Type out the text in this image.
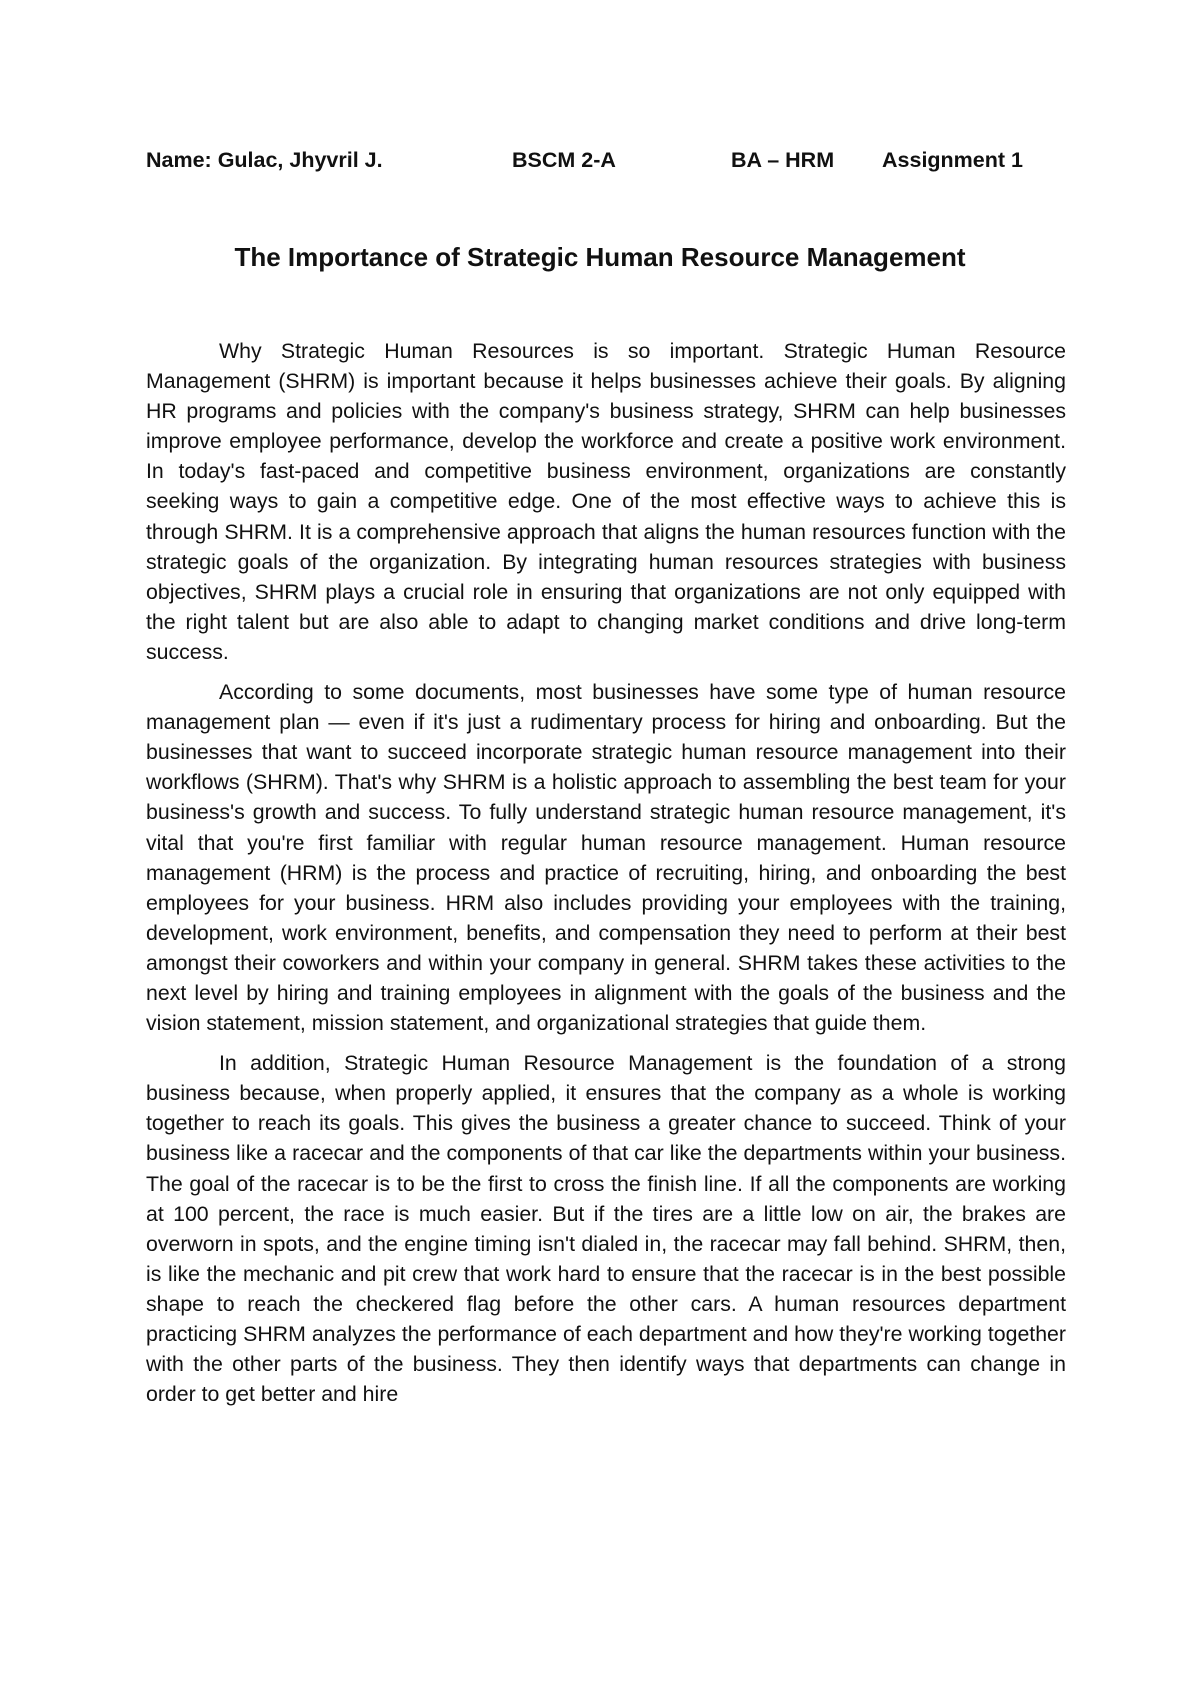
Name: Gulac, Jhyvril J.	BSCM 2-A	BA – HRM Assignment 1
The Importance of Strategic Human Resource Management

Why Strategic Human Resources is so important. Strategic Human Resource Management (SHRM) is important because it helps businesses achieve their goals. By aligning HR programs and policies with the company's business strategy, SHRM can help businesses improve employee performance, develop the workforce and create a positive work environment. In today's fast-paced and competitive business environment, organizations are constantly seeking ways to gain a competitive edge. One of the most effective ways to achieve this is through SHRM. It is a comprehensive approach that aligns the human resources function with the strategic goals of the organization. By integrating human resources strategies with business objectives, SHRM plays a crucial role in ensuring that organizations are not only equipped with the right talent but are also able to adapt to changing market conditions and drive long-term success.

According to some documents, most businesses have some type of human resource management plan — even if it's just a rudimentary process for hiring and onboarding. But the businesses that want to succeed incorporate strategic human resource management into their workflows (SHRM). That's why SHRM is a holistic approach to assembling the best team for your business's growth and success. To fully understand strategic human resource management, it's vital that you're first familiar with regular human resource management. Human resource management (HRM) is the process and practice of recruiting, hiring, and onboarding the best employees for your business. HRM also includes providing your employees with the training, development, work environment, benefits, and compensation they need to perform at their best amongst their coworkers and within your company in general. SHRM takes these activities to the next level by hiring and training employees in alignment with the goals of the business and the vision statement, mission statement, and organizational strategies that guide them.

In addition, Strategic Human Resource Management is the foundation of a strong business because, when properly applied, it ensures that the company as a whole is working together to reach its goals. This gives the business a greater chance to succeed. Think of your business like a racecar and the components of that car like the departments within your business. The goal of the racecar is to be the first to cross the finish line. If all the components are working at 100 percent, the race is much easier. But if the tires are a little low on air, the brakes are overworn in spots, and the engine timing isn't dialed in, the racecar may fall behind. SHRM, then, is like the mechanic and pit crew that work hard to ensure that the racecar is in the best possible shape to reach the checkered flag before the other cars. A human resources department practicing SHRM analyzes the performance of each department and how they're working together with the other parts of the business. They then identify ways that departments can change in order to get better and hire
